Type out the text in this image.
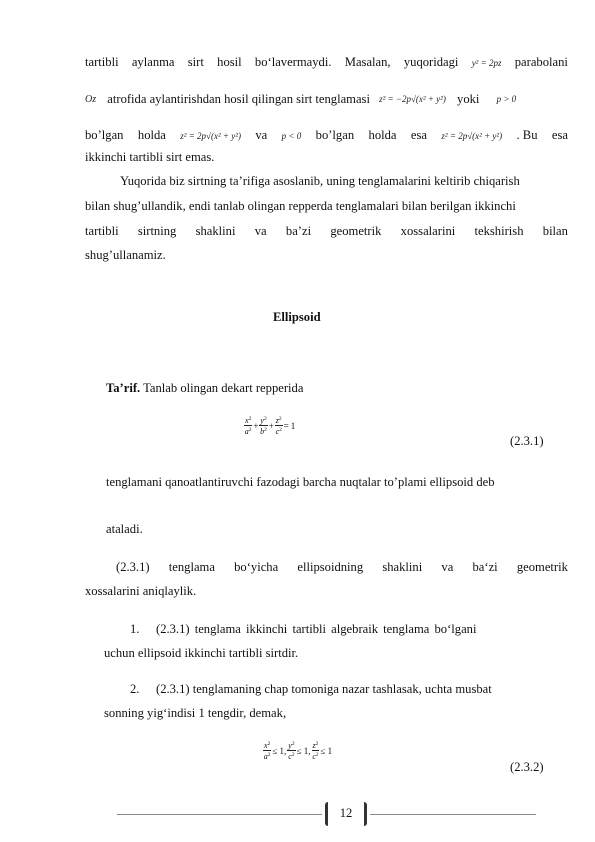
tartibli aylanma sirt hosil bo‘lavermaydi. Masalan, yuqoridagi y² = 2pz parabolani
Oz atrofida aylantirishdan hosil qilingan sirt tenglamasi z² = −2p√(x² + y²) yoki p > 0
bo’lgan holda z² = 2p√(x² + y²) va p < 0 bo’lgan holda esa z² = 2p√(x² + y²) . Bu esa
ikkinchi tartibli sirt emas.
Yuqorida biz sirtning ta’rifiga asoslanib, uning tenglamalarini keltirib chiqarish
bilan shug’ullandik, endi tanlab olingan repperda tenglamalari bilan berilgan ikkinchi
tartibli sirtning shaklini va ba’zi geometrik xossalarini tekshirish bilan
shug’ullanamiz.
Ellipsoid
Ta’rif. Tanlab olingan dekart repperida
$\frac{x^2}{a^2} + \frac{y^2}{b^2} + \frac{z^2}{c^2} = 1$
(2.3.1)
tenglamani qanoatlantiruvchi fazodagi barcha nuqtalar to’plami ellipsoid deb
ataladi.
(2.3.1) tenglama bo‘yicha ellipsoidning shaklini va ba‘zi geometrik
xossalarini aniqlaylik.
1. (2.3.1) tenglama ikkinchi tartibli algebraik tenglama bo‘lgani
uchun ellipsoid ikkinchi tartibli sirtdir.
2. (2.3.1) tenglamaning chap tomoniga nazar tashlasak, uchta musbat
sonning yig‘indisi 1 tengdir, demak,
$\frac{x^2}{a^2} \le 1$, $\frac{y^2}{c^2} \le 1$, $\frac{z^2}{c^2} \le 1$
(2.3.2)
12
